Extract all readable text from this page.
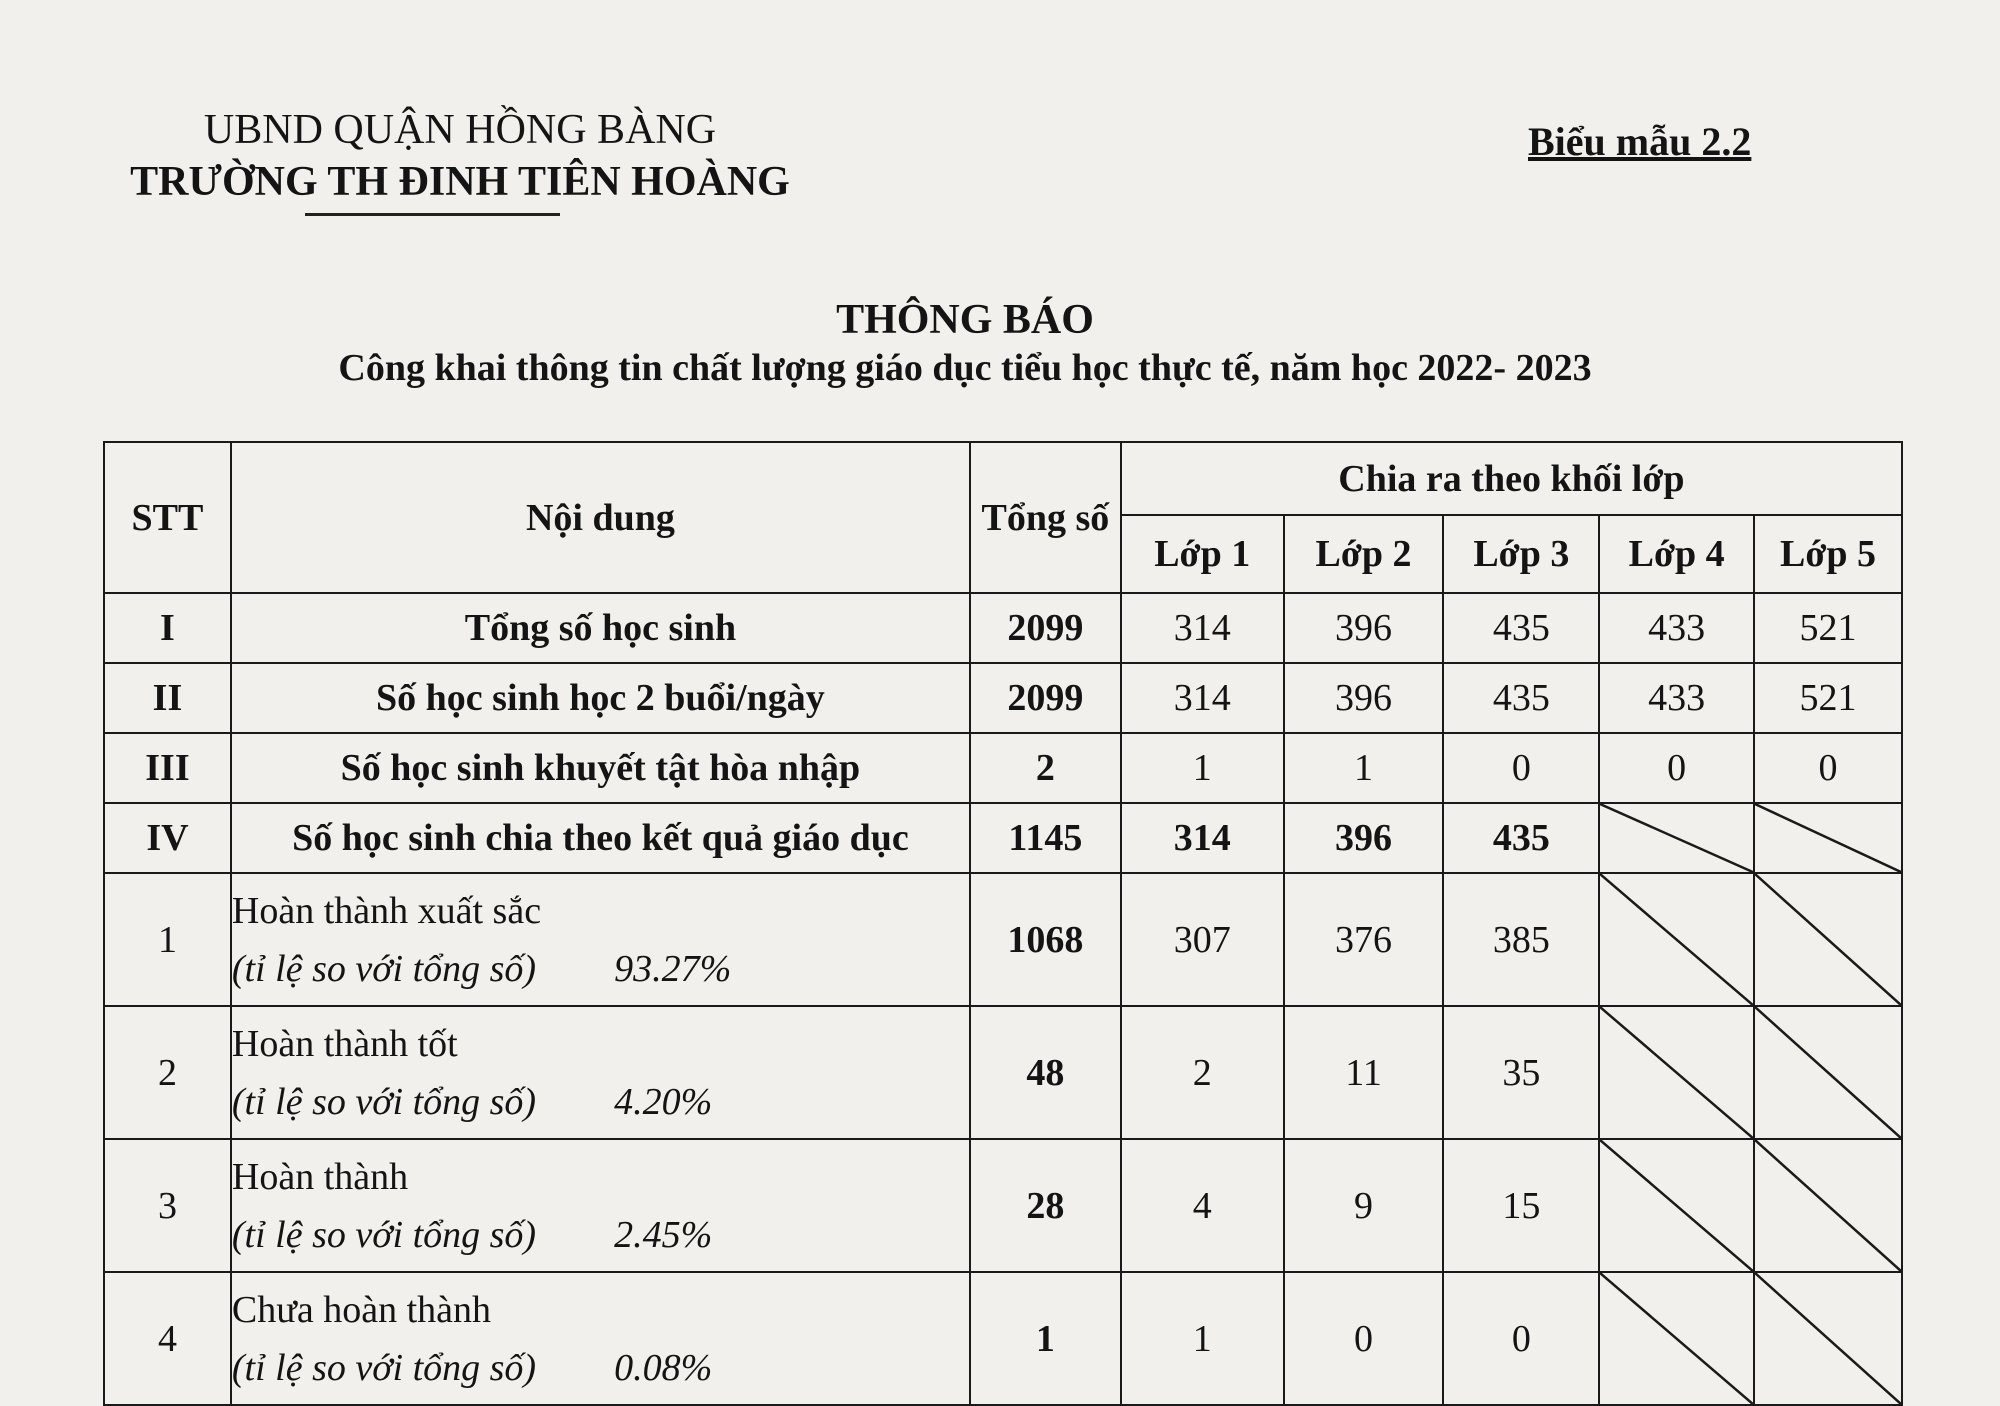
UBND QUẬN HỒNG BÀNG
TRƯỜNG TH ĐINH TIÊN HOÀNG
Biểu mẫu 2.2
THÔNG BÁO
Công khai thông tin chất lượng giáo dục tiểu học thực tế, năm học 2022- 2023
STT	Nội dung	Tổng số	Chia ra theo khối lớp				
			Lớp 1	Lớp 2	Lớp 3	Lớp 4	Lớp 5
I	Tổng số học sinh	2099	314	396	435	433	521
II	Số học sinh học 2 buổi/ngày	2099	314	396	435	433	521
III	Số học sinh khuyết tật hòa nhập	2	1	1	0	0	0
IV	Số học sinh chia theo kết quả giáo dục	1145	314	396	435	

1	Hoàn thành xuất sắc
(tỉ lệ so với tổng số) 93.27%	1068	307	376	385	

2	Hoàn thành tốt
(tỉ lệ so với tổng số) 4.20%	48	2	11	35	

3	Hoàn thành
(tỉ lệ so với tổng số) 2.45%	28	4	9	15	

4	Chưa hoàn thành
(tỉ lệ so với tổng số) 0.08%	1	1	0	0	
